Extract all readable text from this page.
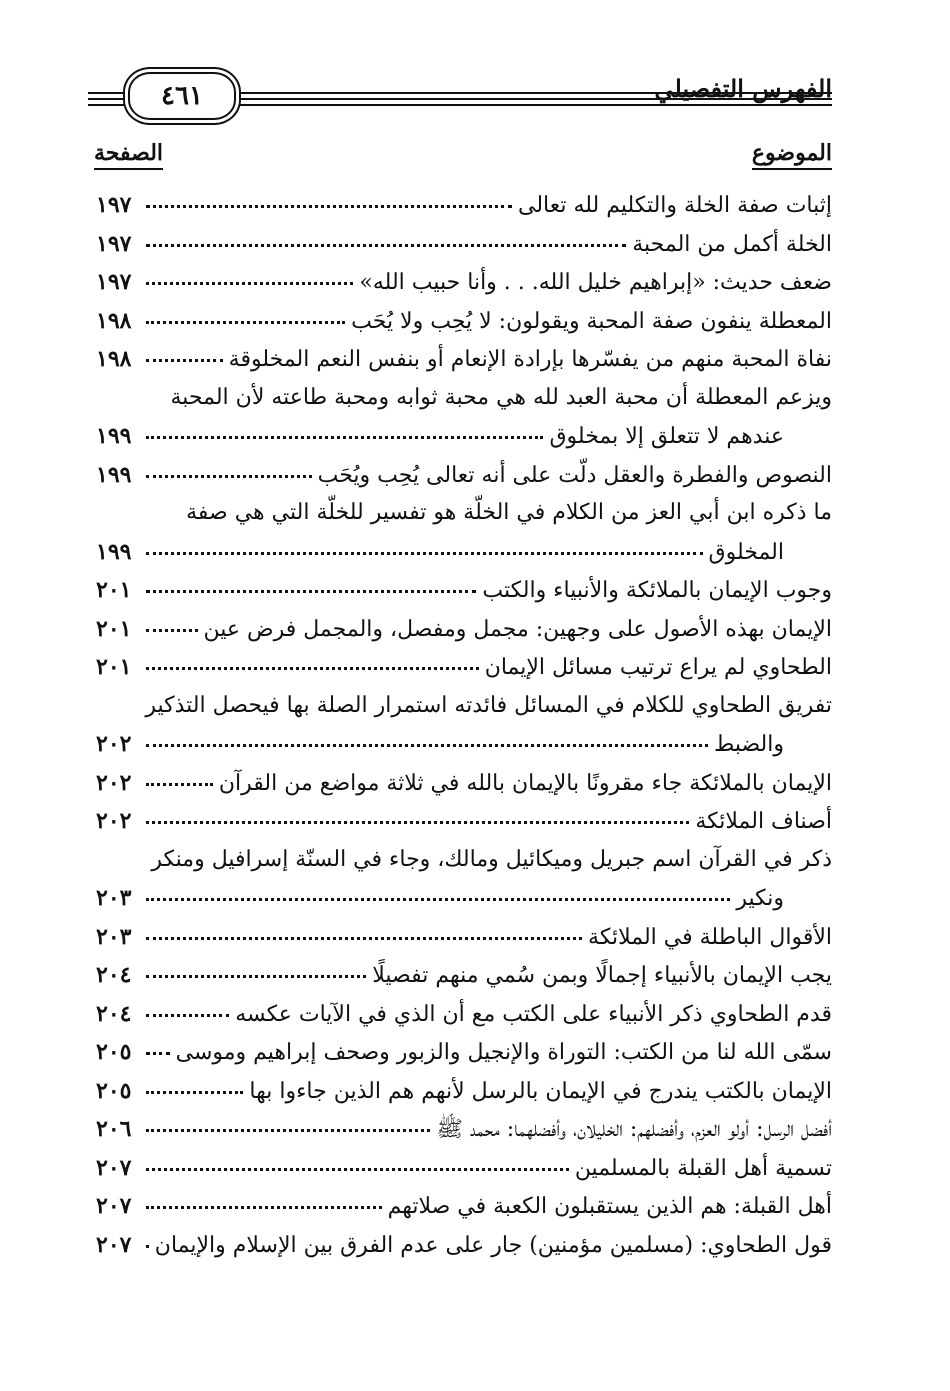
الفهرس التفصيلي
٤٦١
الموضوع
الصفحة
إثبات صفة الخلة والتكليم لله تعالى
١٩٧
الخلة أكمل من المحبة
١٩٧
ضعف حديث: «إبراهيم خليل الله. . . وأنا حبيب الله»
١٩٧
المعطلة ينفون صفة المحبة ويقولون: لا يُحِب ولا يُحَب
١٩٨
نفاة المحبة منهم من يفسّرها بإرادة الإنعام أو بنفس النعم المخلوقة
١٩٨
ويزعم المعطلة أن محبة العبد لله هي محبة ثوابه ومحبة طاعته لأن المحبة
عندهم لا تتعلق إلا بمخلوق
١٩٩
النصوص والفطرة والعقل دلّت على أنه تعالى يُحِب ويُحَب
١٩٩
ما ذكره ابن أبي العز من الكلام في الخلّة هو تفسير للخلّة التي هي صفة
المخلوق
١٩٩
وجوب الإيمان بالملائكة والأنبياء والكتب
٢٠١
الإيمان بهذه الأصول على وجهين: مجمل ومفصل، والمجمل فرض عين
٢٠١
الطحاوي لم يراع ترتيب مسائل الإيمان
٢٠١
تفريق الطحاوي للكلام في المسائل فائدته استمرار الصلة بها فيحصل التذكير
والضبط
٢٠٢
الإيمان بالملائكة جاء مقرونًا بالإيمان بالله في ثلاثة مواضع من القرآن
٢٠٢
أصناف الملائكة
٢٠٢
ذكر في القرآن اسم جبريل وميكائيل ومالك، وجاء في السنّة إسرافيل ومنكر
ونكير
٢٠٣
الأقوال الباطلة في الملائكة
٢٠٣
يجب الإيمان بالأنبياء إجمالًا وبمن سُمي منهم تفصيلًا
٢٠٤
قدم الطحاوي ذكر الأنبياء على الكتب مع أن الذي في الآيات عكسه
٢٠٤
سمّى الله لنا من الكتب: التوراة والإنجيل والزبور وصحف إبراهيم وموسى
٢٠٥
الإيمان بالكتب يندرج في الإيمان بالرسل لأنهم هم الذين جاءوا بها
٢٠٥
أفضل الرسل: أولو العزم، وأفضلهم: الخليلان، وأفضلهما: محمد ﷺ
٢٠٦
تسمية أهل القبلة بالمسلمين
٢٠٧
أهل القبلة: هم الذين يستقبلون الكعبة في صلاتهم
٢٠٧
قول الطحاوي: (مسلمين مؤمنين) جار على عدم الفرق بين الإسلام والإيمان
٢٠٧
